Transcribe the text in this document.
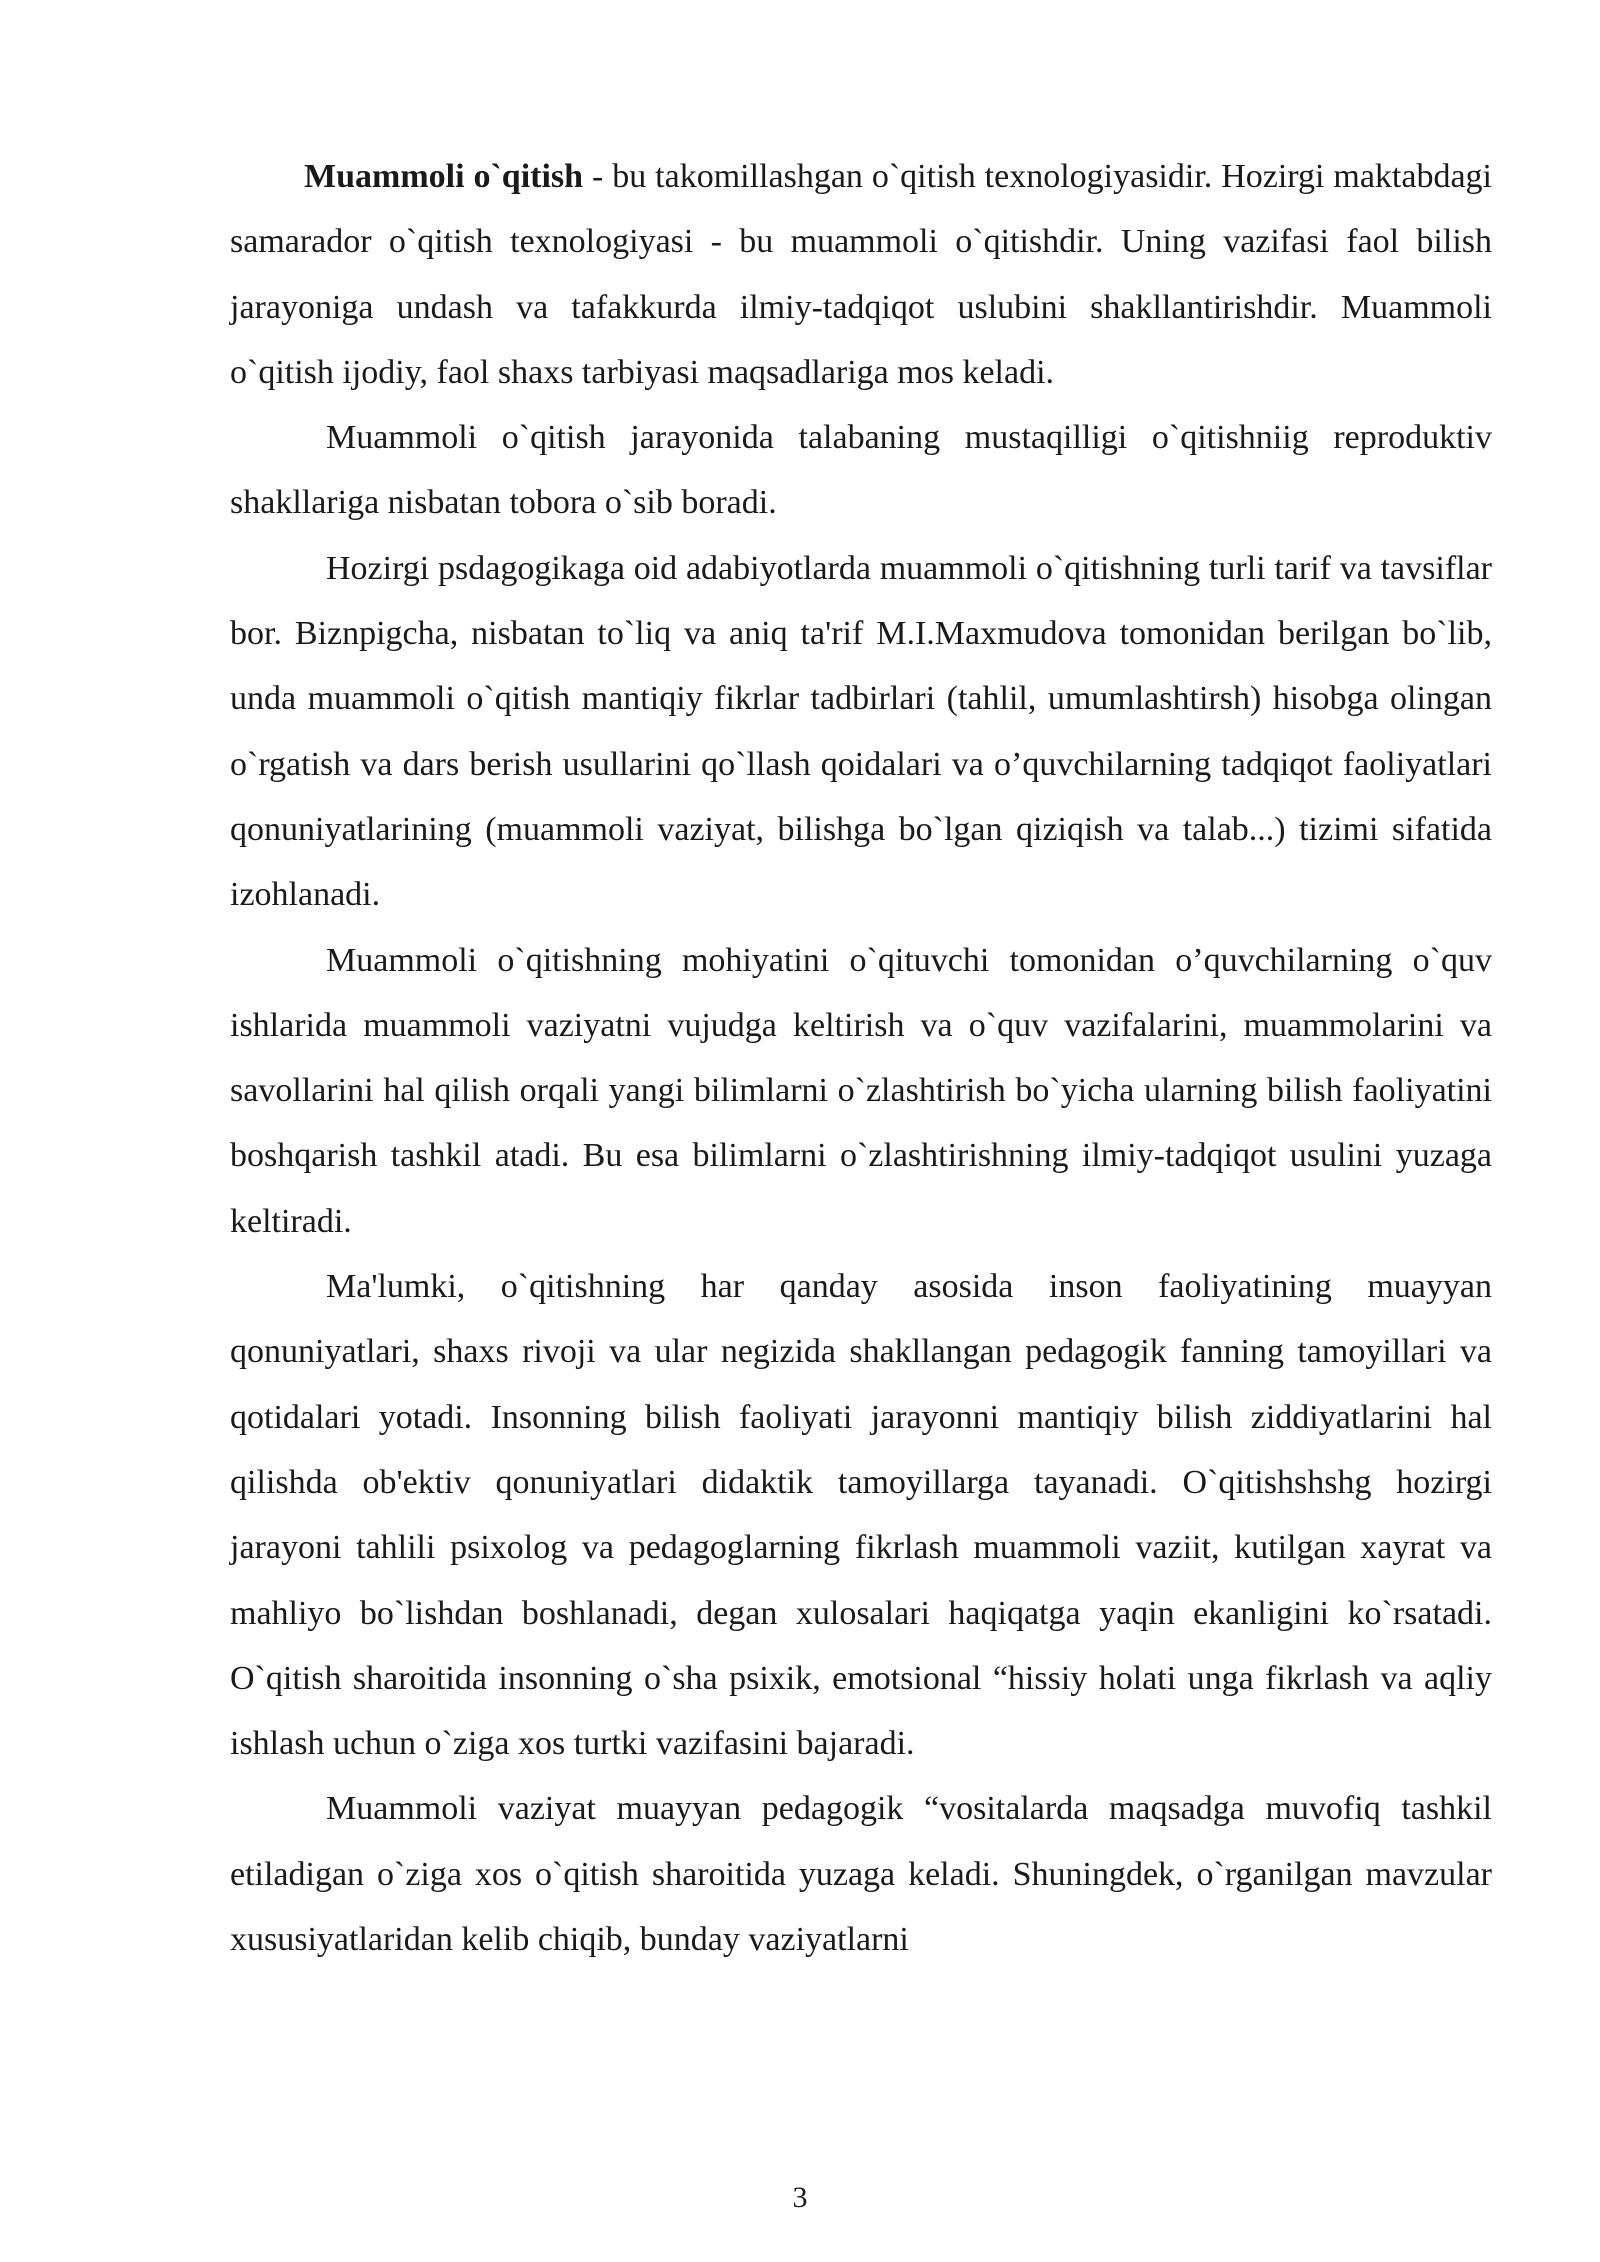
Muammoli o`qitish - bu takomillashgan o`qitish texnologiyasidir. Hozirgi maktabdagi samarador o`qitish texnologiyasi - bu muammoli o`qitishdir. Uning vazifasi faol bilish jarayoniga undash va tafakkurda ilmiy-tadqiqot uslubini shakllantirishdir. Muammoli o`qitish ijodiy, faol shaxs tarbiyasi maqsadlariga mos keladi.

Muammoli o`qitish jarayonida talabaning mustaqilligi o`qitishniig reproduktiv shakllariga nisbatan tobora o`sib boradi.

Hozirgi psdagogikaga oid adabiyotlarda muammoli o`qitishning turli tarif va tavsiflar bor. Biznpigcha, nisbatan to`liq va aniq ta'rif M.I.Maxmudova tomonidan berilgan bo`lib, unda muammoli o`qitish mantiqiy fikrlar tadbirlari (tahlil, umumlashtirsh) hisobga olingan o`rgatish va dars berish usullarini qo`llash qoidalari va o’quvchilarning tadqiqot faoliyatlari qonuniyatlarining (muammoli vaziyat, bilishga bo`lgan qiziqish va talab...) tizimi sifatida izohlanadi.

Muammoli o`qitishning mohiyatini o`qituvchi tomonidan o’quvchilarning o`quv ishlarida muammoli vaziyatni vujudga keltirish va o`quv vazifalarini, muammolarini va savollarini hal qilish orqali yangi bilimlarni o`zlashtirish bo`yicha ularning bilish faoliyatini boshqarish tashkil atadi. Bu esa bilimlarni o`zlashtirishning ilmiy-tadqiqot usulini yuzaga keltiradi.

Ma'lumki, o`qitishning har qanday asosida inson faoliyatining muayyan qonuniyatlari, shaxs rivoji va ular negizida shakllangan pedagogik fanning tamoyillari va qotidalari yotadi. Insonning bilish faoliyati jarayonni mantiqiy bilish ziddiyatlarini hal qilishda ob'ektiv qonuniyatlari didaktik tamoyillarga tayanadi. O`qitishshshg hozirgi jarayoni tahlili psixolog va pedagoglarning fikrlash muammoli vaziit, kutilgan xayrat va mahliyo bo`lishdan boshlanadi, degan xulosalari haqiqatga yaqin ekanligini ko`rsatadi. O`qitish sharoitida insonning o`sha psixik, emotsional “hissiy holati unga fikrlash va aqliy ishlash uchun o`ziga xos turtki vazifasini bajaradi.

Muammoli vaziyat muayyan pedagogik “vositalarda maqsadga muvofiq tashkil etiladigan o`ziga xos o`qitish sharoitida yuzaga keladi. Shuningdek, o`rganilgan mavzular xususiyatlaridan kelib chiqib, bunday vaziyatlarni

3
